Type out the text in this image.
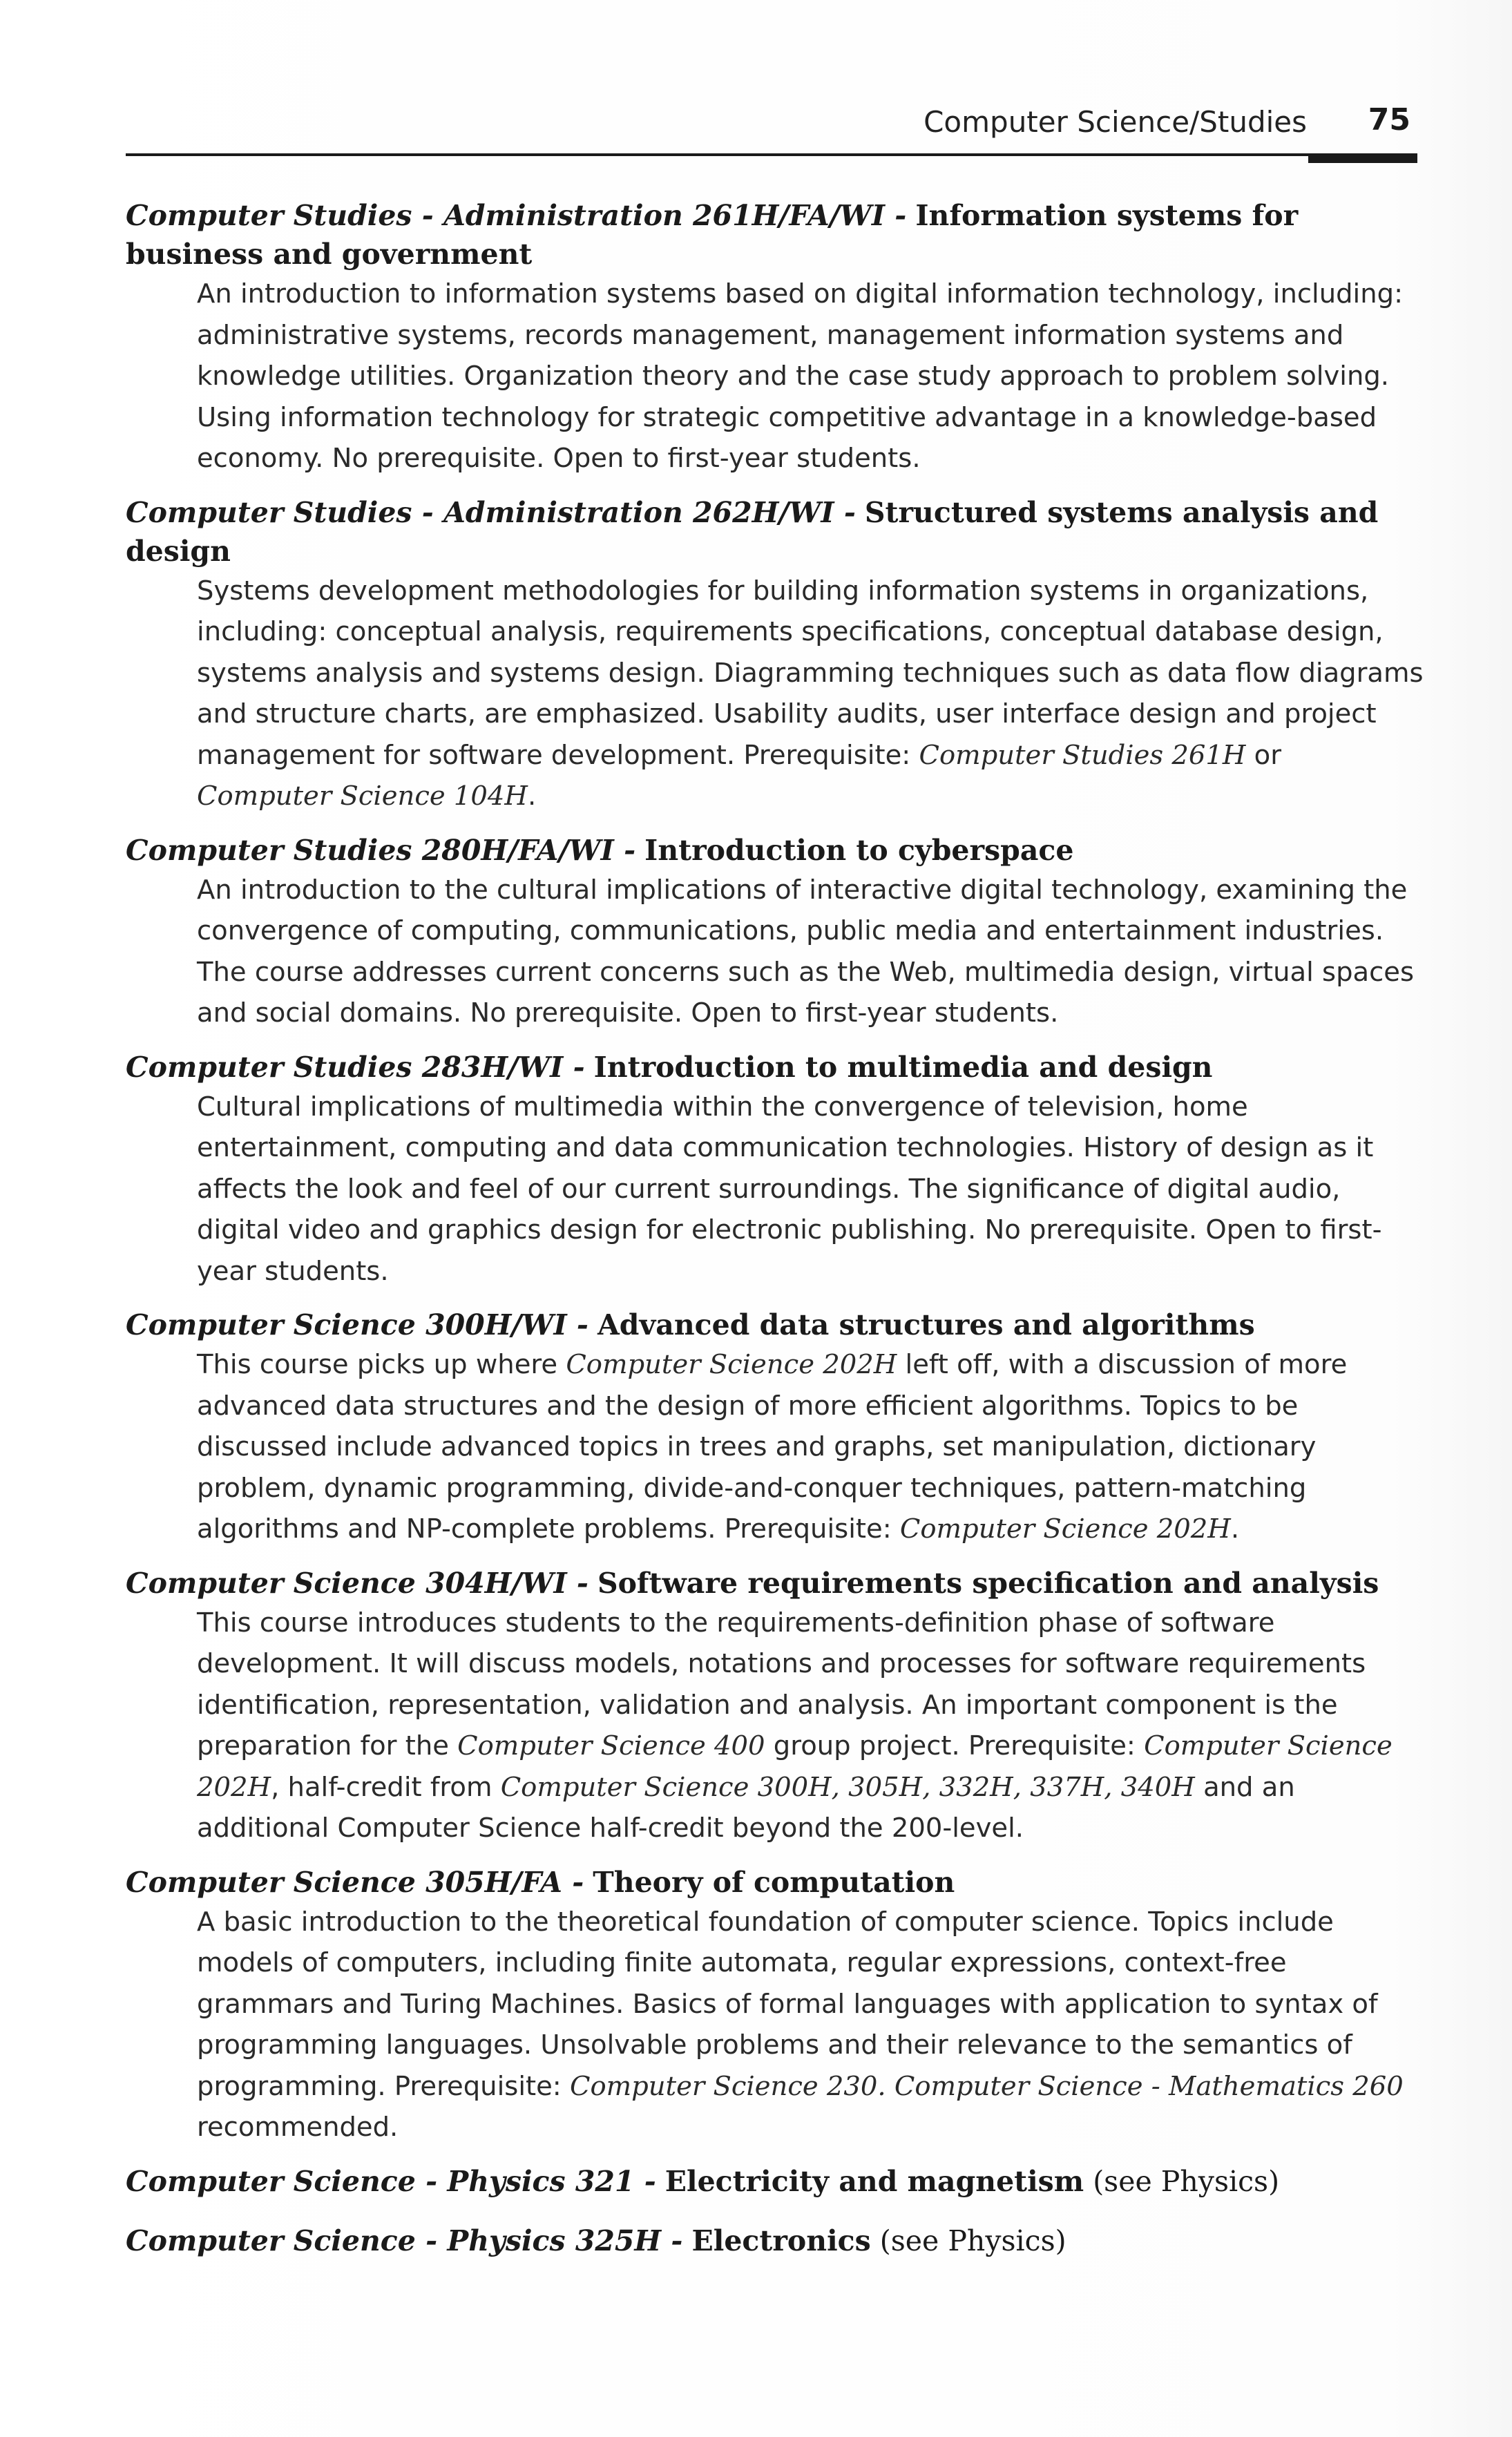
Computer Science/Studies 75
Computer Studies - Administration 261H/FA/WI - Information systems for business and government
An introduction to information systems based on digital information technology, including: administrative systems, records management, management information systems and knowledge utilities. Organization theory and the case study approach to problem solving. Using information technology for strategic competitive advantage in a knowledge-based economy. No prerequisite. Open to first-year students.
Computer Studies - Administration 262H/WI - Structured systems analysis and design
Systems development methodologies for building information systems in organizations, including: conceptual analysis, requirements specifications, conceptual database design, systems analysis and systems design. Diagramming techniques such as data flow diagrams and structure charts, are emphasized. Usability audits, user interface design and project management for software development. Prerequisite: Computer Studies 261H or Computer Science 104H.
Computer Studies 280H/FA/WI - Introduction to cyberspace
An introduction to the cultural implications of interactive digital technology, examining the convergence of computing, communications, public media and entertainment industries. The course addresses current concerns such as the Web, multimedia design, virtual spaces and social domains. No prerequisite. Open to first-year students.
Computer Studies 283H/WI - Introduction to multimedia and design
Cultural implications of multimedia within the convergence of television, home entertainment, computing and data communication technologies. History of design as it affects the look and feel of our current surroundings. The significance of digital audio, digital video and graphics design for electronic publishing. No prerequisite. Open to first-year students.
Computer Science 300H/WI - Advanced data structures and algorithms
This course picks up where Computer Science 202H left off, with a discussion of more advanced data structures and the design of more efficient algorithms. Topics to be discussed include advanced topics in trees and graphs, set manipulation, dictionary problem, dynamic programming, divide-and-conquer techniques, pattern-matching algorithms and NP-complete problems. Prerequisite: Computer Science 202H.
Computer Science 304H/WI - Software requirements specification and analysis
This course introduces students to the requirements-definition phase of software development. It will discuss models, notations and processes for software requirements identification, representation, validation and analysis. An important component is the preparation for the Computer Science 400 group project. Prerequisite: Computer Science 202H, half-credit from Computer Science 300H, 305H, 332H, 337H, 340H and an additional Computer Science half-credit beyond the 200-level.
Computer Science 305H/FA - Theory of computation
A basic introduction to the theoretical foundation of computer science. Topics include models of computers, including finite automata, regular expressions, context-free grammars and Turing Machines. Basics of formal languages with application to syntax of programming languages. Unsolvable problems and their relevance to the semantics of programming. Prerequisite: Computer Science 230. Computer Science - Mathematics 260 recommended.
Computer Science - Physics 321 - Electricity and magnetism (see Physics)
Computer Science - Physics 325H - Electronics (see Physics)
